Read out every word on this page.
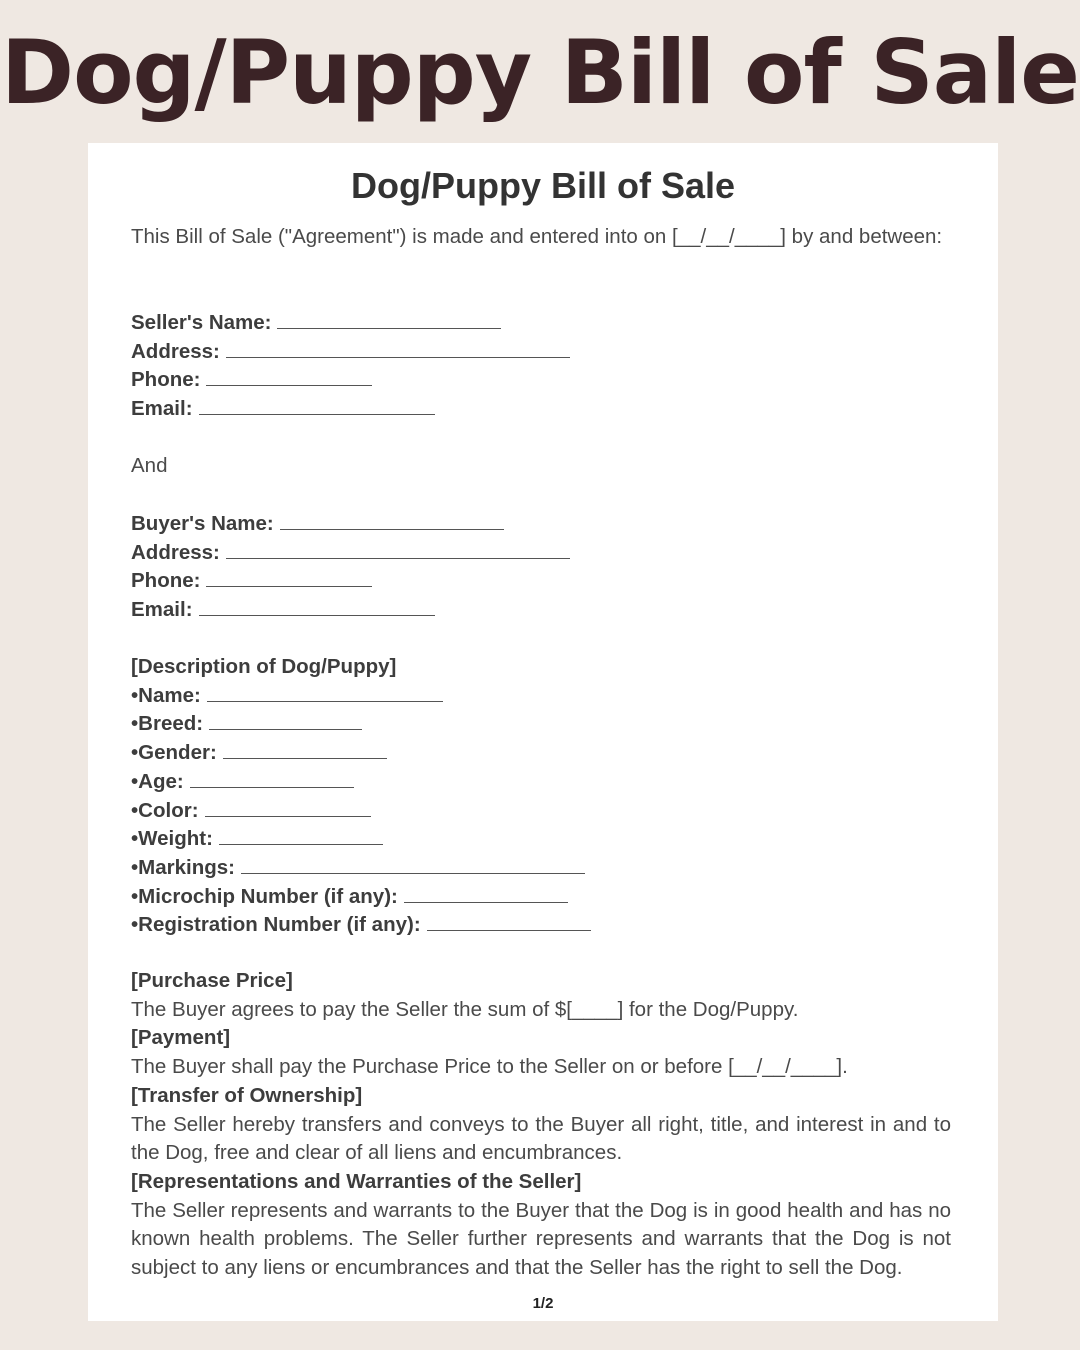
Dog/Puppy Bill of Sale
Dog/Puppy Bill of Sale
This Bill of Sale ("Agreement") is made and entered into on [__/__/____] by and between:
Seller's Name:
Address:
Phone:
Email:
And
Buyer's Name:
Address:
Phone:
Email:
[Description of Dog/Puppy]
•Name:
•Breed:
•Gender:
•Age:
•Color:
•Weight:
•Markings:
•Microchip Number (if any):
•Registration Number (if any):
[Purchase Price]
The Buyer agrees to pay the Seller the sum of $[____] for the Dog/Puppy.
[Payment]
The Buyer shall pay the Purchase Price to the Seller on or before [__/__/____].
[Transfer of Ownership]
The Seller hereby transfers and conveys to the Buyer all right, title, and interest in and to the Dog, free and clear of all liens and encumbrances.
[Representations and Warranties of the Seller]
The Seller represents and warrants to the Buyer that the Dog is in good health and has no known health problems. The Seller further represents and warrants that the Dog is not subject to any liens or encumbrances and that the Seller has the right to sell the Dog.
1/2
